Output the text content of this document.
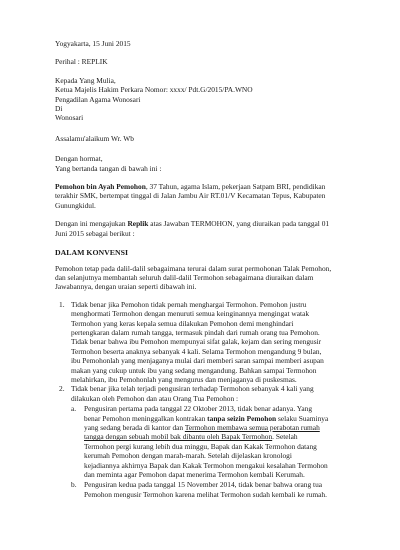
Yogyakarta, 15 Juni 2015
Perihal : REPLIK
Kepada Yang Mulia,
Ketua Majelis Hakim Perkara Nomor: xxxx/ Pdt.G/2015/PA.WNO
Pengadilan Agama Wonosari
Di
Wonosari
Assalamu'alaikum Wr. Wb
Dengan hormat,
Yang bertanda tangan di bawah ini :
Pemohon bin Ayah Pemohon, 37 Tahun, agama Islam, pekerjaan Satpam BRI, pendidikan
terakhir SMK, bertempat tinggal di Jalan Jambu Air RT.01/V Kecamatan Tepus, Kabupaten
Gunungkidul.
Dengan ini mengajukan Replik atas Jawaban TERMOHON, yang diuraikan pada tanggal 01
Juni 2015 sebagai berikut :
DALAM KONVENSI
Pemohon tetap pada dalil-dalil sebagaimana terurai dalam surat permohonan Talak Pemohon,
dan selanjutnya membantah seluruh dalil-dalil Termohon sebagaimana diuraikan dalam
Jawabannya, dengan uraian seperti dibawah ini.
1. Tidak benar jika Pemohon tidak pernah menghargai Termohon. Pemohon justru
menghormati Termohon dengan menuruti semua keinginannya mengingat watak
Termohon yang keras kepala semua dilakukan Pemohon demi menghindari
pertengkaran dalam rumah tangga, termasuk pindah dari rumah orang tua Pemohon.
Tidak benar bahwa ibu Pemohon mempunyai sifat galak, kejam dan sering mengusir
Termohon beserta anaknya sebanyak 4 kali. Selama Termohon mengandung 9 bulan,
ibu Pemohonlah yang menjaganya mulai dari memberi saran sampai memberi asupan
makan yang cukup untuk ibu yang sedang mengandung. Bahkan sampai Termohon
melahirkan, ibu Pemohonlah yang mengurus dan menjaganya di puskesmas.
2. Tidak benar jika telah terjadi pengusiran terhadap Termohon sebanyak 4 kali yang
dilakukan oleh Pemohon dan atau Orang Tua Pemohon :
a.	Pengusiran pertama pada tanggal 22 Oktober 2013, tidak benar adanya. Yang
benar Pemohon meninggalkan kontrakan tanpa seizin Pemohon selaku Suaminya
yang sedang berada di kantor dan Termohon membawa semua perabotan rumah
tangga dengan sebuah mobil bak dibantu oleh Bapak Termohon. Setelah
Termohon pergi kurang lebih dua minggu, Bapak dan Kakak Termohon datang
kerumah Pemohon dengan marah-marah. Setelah dijelaskan kronologi
kejadiannya akhirnya Bapak dan Kakak Termohon mengakui kesalahan Termohon
dan meminta agar Pemohon dapat menerima Termohon kembali Kerumah.
b.	Pengusiran kedua pada tanggal 15 November 2014, tidak benar bahwa orang tua
Pemohon mengusir Termohon karena melihat Termohon sudah kembali ke rumah.
